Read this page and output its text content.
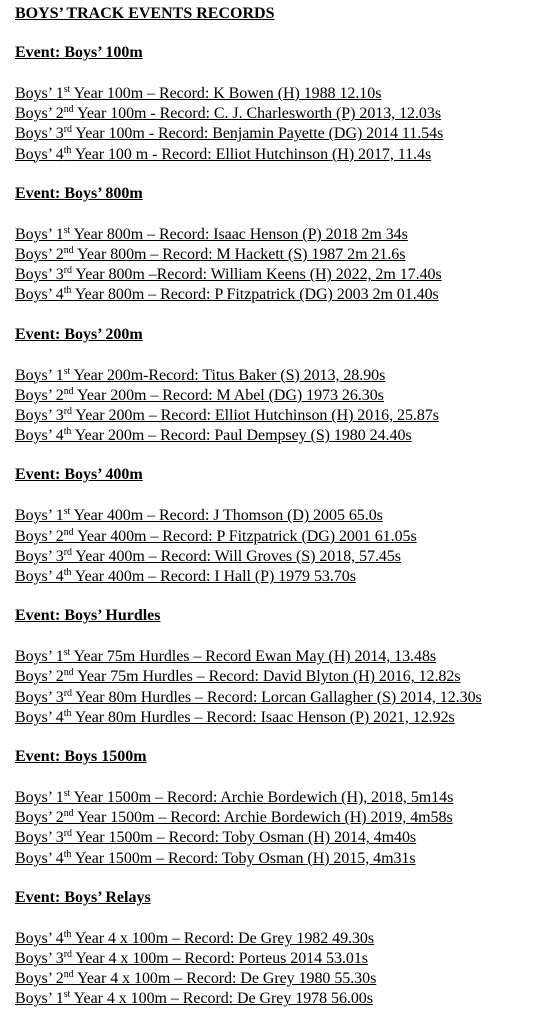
BOYS’ TRACK EVENTS RECORDS
Event: Boys’ 100m
Boys’ 1st Year 100m – Record: K Bowen (H) 1988 12.10s
Boys’ 2nd Year 100m - Record: C. J. Charlesworth (P) 2013, 12.03s
Boys’ 3rd Year 100m - Record: Benjamin Payette (DG) 2014 11.54s
Boys’ 4th Year 100 m - Record: Elliot Hutchinson (H) 2017, 11.4s
Event: Boys’ 800m
Boys’ 1st Year 800m – Record: Isaac Henson (P) 2018 2m 34s
Boys’ 2nd Year 800m – Record: M Hackett (S) 1987 2m 21.6s
Boys’ 3rd Year 800m –Record: William Keens (H) 2022, 2m 17.40s
Boys’ 4th Year 800m – Record: P Fitzpatrick (DG) 2003 2m 01.40s
Event: Boys’ 200m
Boys’ 1st Year 200m-Record: Titus Baker (S) 2013, 28.90s
Boys’ 2nd Year 200m – Record: M Abel (DG) 1973 26.30s
Boys’ 3rd Year 200m – Record: Elliot Hutchinson (H) 2016, 25.87s
Boys’ 4th Year 200m – Record: Paul Dempsey (S) 1980 24.40s
Event: Boys’ 400m
Boys’ 1st Year 400m – Record: J Thomson (D) 2005 65.0s
Boys’ 2nd Year 400m – Record: P Fitzpatrick (DG) 2001 61.05s
Boys’ 3rd Year 400m – Record: Will Groves (S) 2018, 57.45s
Boys’ 4th Year 400m – Record: I Hall (P) 1979 53.70s
Event: Boys’ Hurdles
Boys’ 1st Year 75m Hurdles – Record Ewan May (H) 2014, 13.48s
Boys’ 2nd Year 75m Hurdles – Record: David Blyton (H) 2016, 12.82s
Boys’ 3rd Year 80m Hurdles – Record: Lorcan Gallagher (S) 2014, 12.30s
Boys’ 4th Year 80m Hurdles – Record: Isaac Henson (P) 2021, 12.92s
Event: Boys 1500m
Boys’ 1st Year 1500m – Record: Archie Bordewich (H), 2018, 5m14s
Boys’ 2nd Year 1500m – Record: Archie Bordewich (H) 2019, 4m58s
Boys’ 3rd Year 1500m – Record: Toby Osman (H) 2014, 4m40s
Boys’ 4th Year 1500m – Record: Toby Osman (H) 2015, 4m31s
Event: Boys’ Relays
Boys’ 4th Year 4 x 100m – Record: De Grey 1982 49.30s
Boys’ 3rd Year 4 x 100m – Record: Porteus 2014 53.01s
Boys’ 2nd Year 4 x 100m – Record: De Grey 1980 55.30s
Boys’ 1st Year 4 x 100m – Record: De Grey 1978 56.00s
